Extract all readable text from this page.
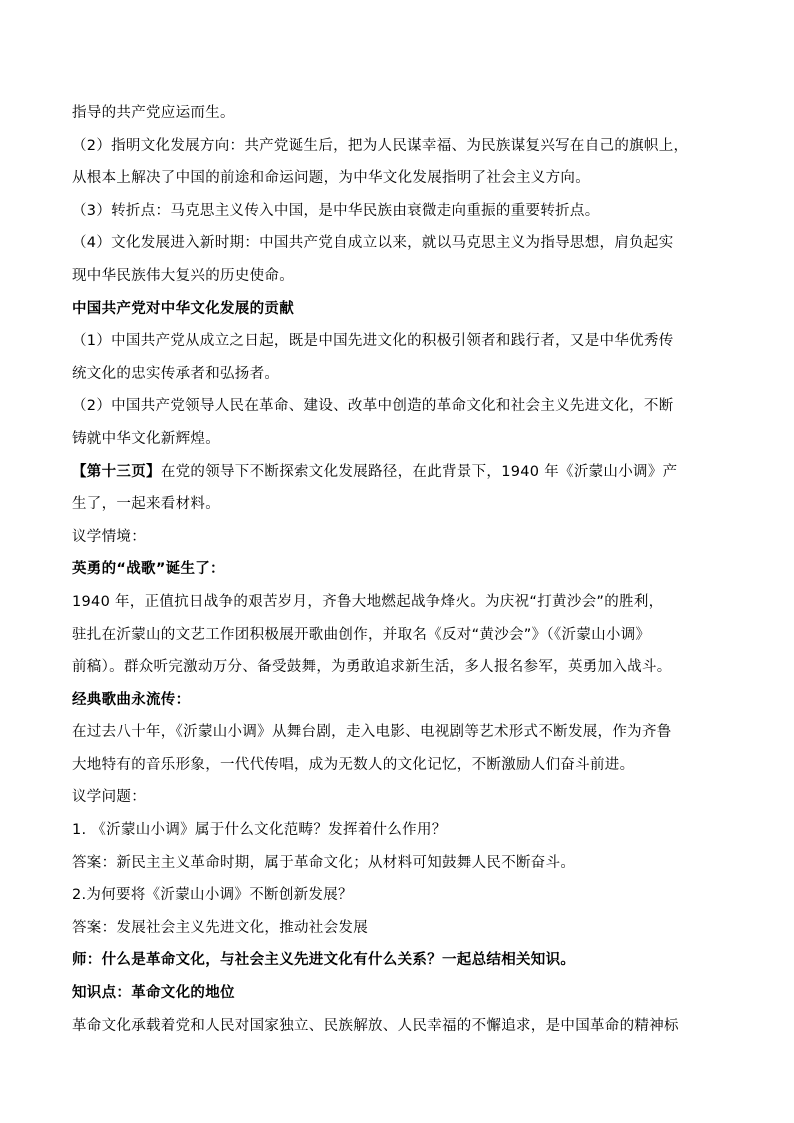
指导的共产党应运而生。
（2）指明文化发展方向：共产党诞生后，把为人民谋幸福、为民族谋复兴写在自己的旗帜上，
从根本上解决了中国的前途和命运问题，为中华文化发展指明了社会主义方向。
（3）转折点：马克思主义传入中国，是中华民族由衰微走向重振的重要转折点。
（4）文化发展进入新时期：中国共产党自成立以来，就以马克思主义为指导思想，肩负起实
现中华民族伟大复兴的历史使命。
中国共产党对中华文化发展的贡献
（1）中国共产党从成立之日起，既是中国先进文化的积极引领者和践行者，又是中华优秀传
统文化的忠实传承者和弘扬者。
（2）中国共产党领导人民在革命、建设、改革中创造的革命文化和社会主义先进文化，不断
铸就中华文化新辉煌。
【第十三页】在党的领导下不断探索文化发展路径，在此背景下，1940 年《沂蒙山小调》产
生了，一起来看材料。
议学情境：
英勇的“战歌”诞生了：
1940 年，正值抗日战争的艰苦岁月，齐鲁大地燃起战争烽火。为庆祝“打黄沙会”的胜利，
驻扎在沂蒙山的文艺工作团积极展开歌曲创作，并取名《反对“黄沙会”》（《沂蒙山小调》
前稿）。群众听完激动万分、备受鼓舞，为勇敢追求新生活，多人报名参军，英勇加入战斗。
经典歌曲永流传：
在过去八十年，《沂蒙山小调》从舞台剧，走入电影、电视剧等艺术形式不断发展，作为齐鲁
大地特有的音乐形象，一代代传唱，成为无数人的文化记忆，不断激励人们奋斗前进。
议学问题：
1. 《沂蒙山小调》属于什么文化范畴？发挥着什么作用？
答案：新民主主义革命时期，属于革命文化；从材料可知鼓舞人民不断奋斗。
2.为何要将《沂蒙山小调》不断创新发展？
答案：发展社会主义先进文化，推动社会发展
师：什么是革命文化，与社会主义先进文化有什么关系？一起总结相关知识。
知识点：革命文化的地位
革命文化承载着党和人民对国家独立、民族解放、人民幸福的不懈追求，是中国革命的精神标
